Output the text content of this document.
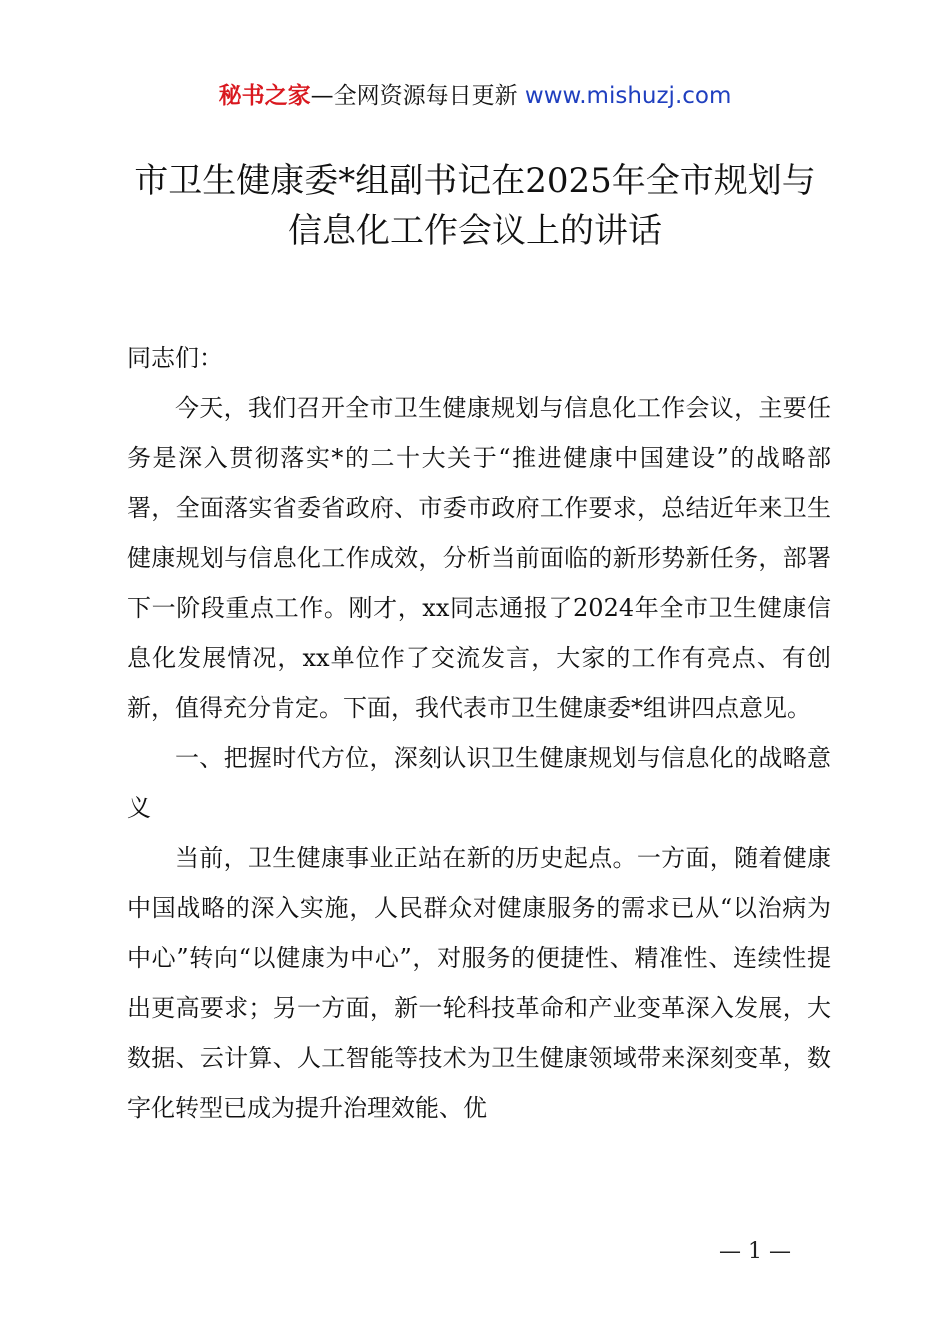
秘书之家—全网资源每日更新 www.mishuzj.com
市卫生健康委*组副书记在2025年全市规划与
信息化工作会议上的讲话

同志们：

今天，我们召开全市卫生健康规划与信息化工作会议，主要任务是深入贯彻落实*的二十大关于“推进健康中国建设”的战略部署，全面落实省委省政府、市委市政府工作要求，总结近年来卫生健康规划与信息化工作成效，分析当前面临的新形势新任务，部署下一阶段重点工作。刚才，xx同志通报了2024年全市卫生健康信息化发展情况，xx单位作了交流发言，大家的工作有亮点、有创新，值得充分肯定。下面，我代表市卫生健康委*组讲四点意见。

一、把握时代方位，深刻认识卫生健康规划与信息化的战略意义

当前，卫生健康事业正站在新的历史起点。一方面，随着健康中国战略的深入实施，人民群众对健康服务的需求已从“以治病为中心”转向“以健康为中心”，对服务的便捷性、精准性、连续性提出更高要求；另一方面，新一轮科技革命和产业变革深入发展，大数据、云计算、人工智能等技术为卫生健康领域带来深刻变革，数字化转型已成为提升治理效能、优

— 1 —
